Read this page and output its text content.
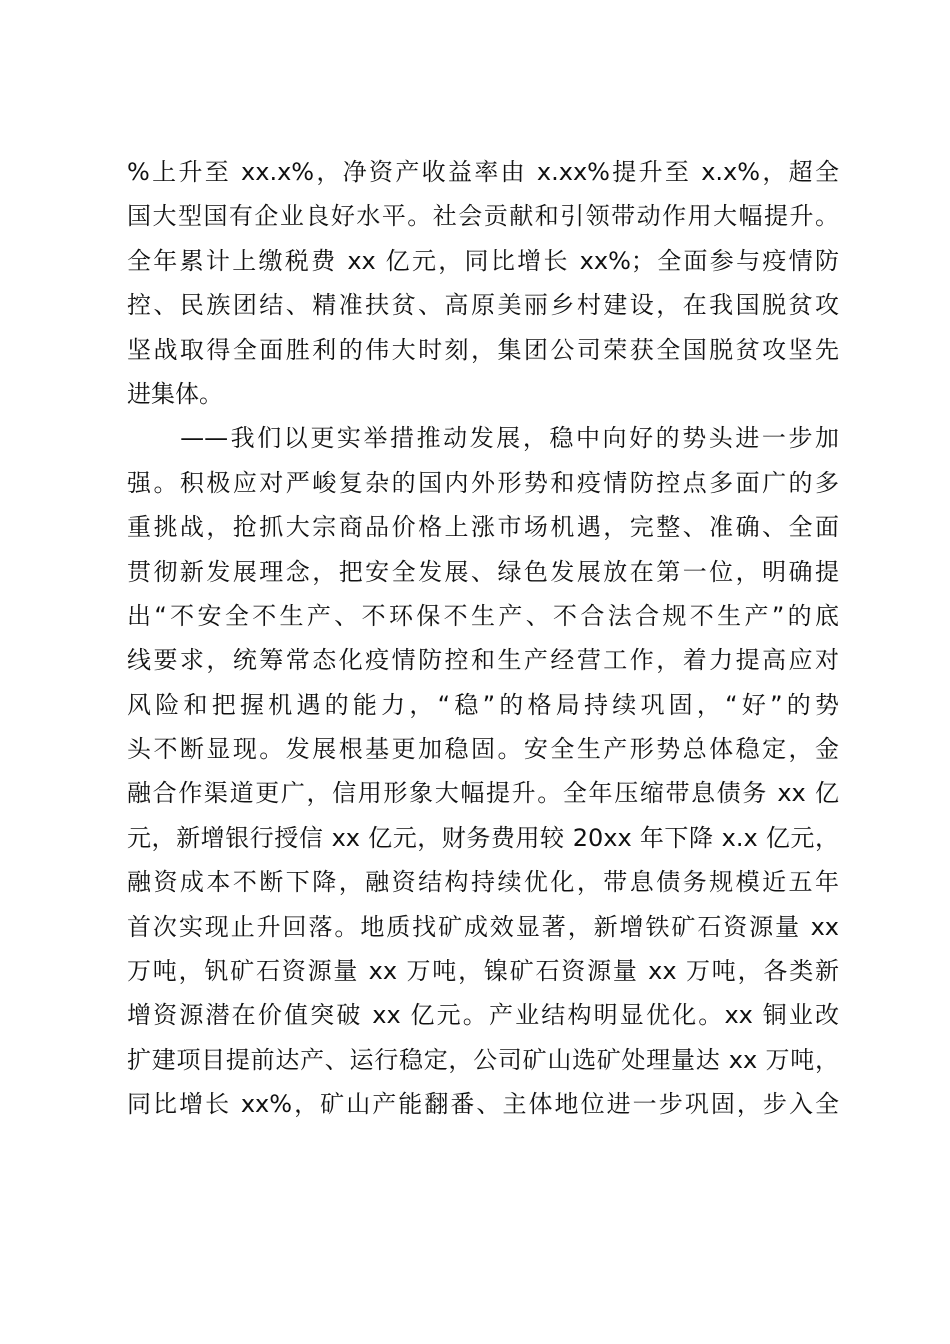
%上升至 xx.x%，净资产收益率由 x.xx%提升至 x.x%，超全
国大型国有企业良好水平。社会贡献和引领带动作用大幅提升。
全年累计上缴税费 xx 亿元，同比增长 xx%；全面参与疫情防
控、民族团结、精准扶贫、高原美丽乡村建设，在我国脱贫攻
坚战取得全面胜利的伟大时刻，集团公司荣获全国脱贫攻坚先
进集体。
　　——我们以更实举措推动发展，稳中向好的势头进一步加
强。积极应对严峻复杂的国内外形势和疫情防控点多面广的多
重挑战，抢抓大宗商品价格上涨市场机遇，完整、准确、全面
贯彻新发展理念，把安全发展、绿色发展放在第一位，明确提
出“不安全不生产、不环保不生产、不合法合规不生产”的底
线要求，统筹常态化疫情防控和生产经营工作，着力提高应对
风险和把握机遇的能力，“稳”的格局持续巩固，“好”的势
头不断显现。发展根基更加稳固。安全生产形势总体稳定，金
融合作渠道更广，信用形象大幅提升。全年压缩带息债务 xx 亿
元，新增银行授信 xx 亿元，财务费用较 20xx 年下降 x.x 亿元，
融资成本不断下降，融资结构持续优化，带息债务规模近五年
首次实现止升回落。地质找矿成效显著，新增铁矿石资源量 xx
万吨，钒矿石资源量 xx 万吨，镍矿石资源量 xx 万吨，各类新
增资源潜在价值突破 xx 亿元。产业结构明显优化。xx 铜业改
扩建项目提前达产、运行稳定，公司矿山选矿处理量达 xx 万吨，
同比增长 xx%，矿山产能翻番、主体地位进一步巩固，步入全
